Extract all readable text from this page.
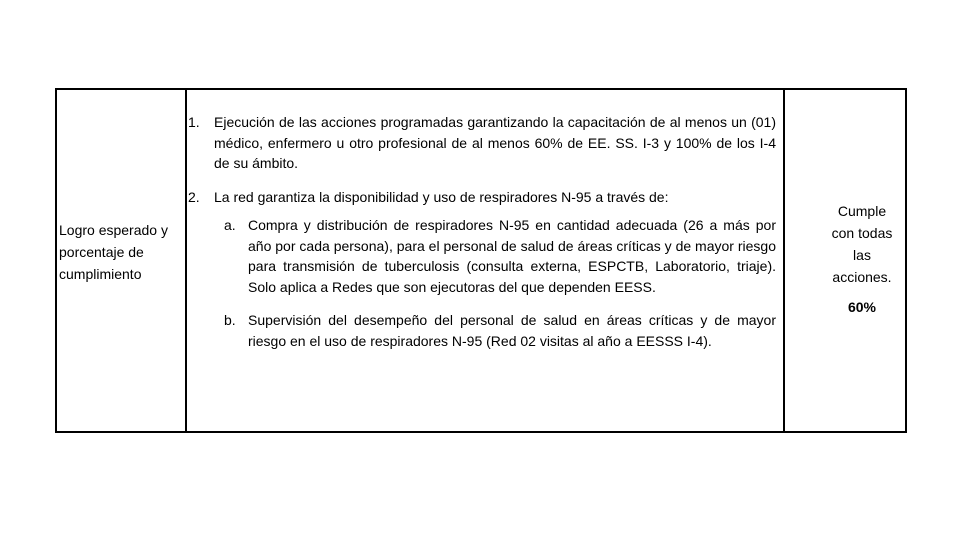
Logro esperado y porcentaje de cumplimiento
1. Ejecución de las acciones programadas garantizando la capacitación de al menos un (01) médico, enfermero u otro profesional de al menos 60% de EE. SS. I-3 y 100% de los I-4 de su ámbito.
2. La red garantiza la disponibilidad y uso de respiradores N-95 a través de:
a. Compra y distribución de respiradores N-95 en cantidad adecuada (26 a más por año por cada persona), para el personal de salud de áreas críticas y de mayor riesgo para transmisión de tuberculosis (consulta externa, ESPCTB, Laboratorio, triaje). Solo aplica a Redes que son ejecutoras del que dependen EESS.
b. Supervisión del desempeño del personal de salud en áreas críticas y de mayor riesgo en el uso de respiradores N-95 (Red 02 visitas al año a EESSS I-4).
Cumple
con todas
las
acciones.
60%
